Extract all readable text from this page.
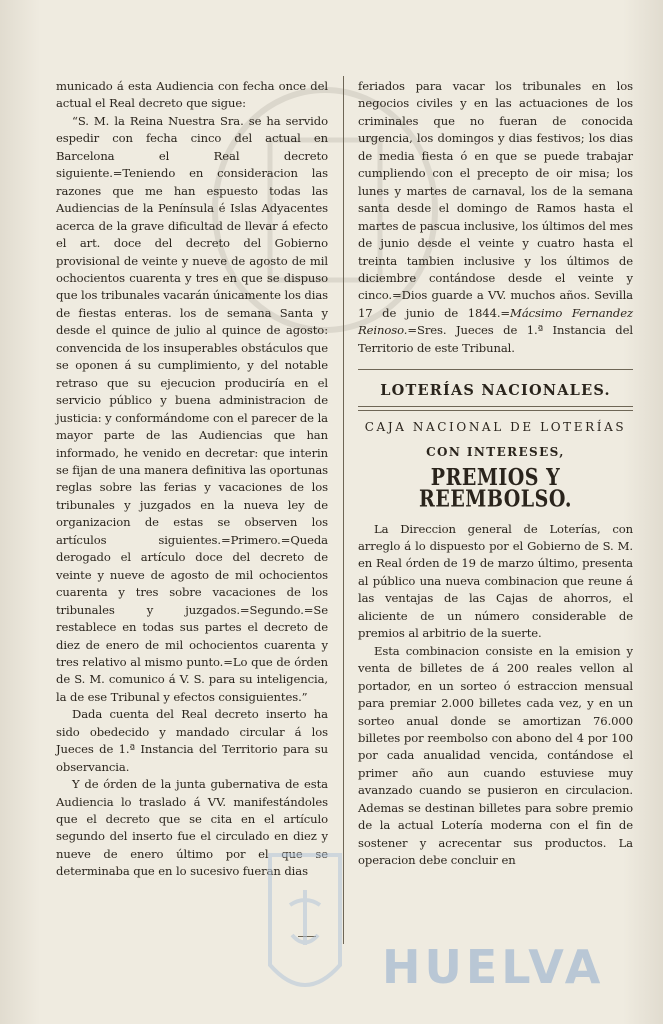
municado á esta Audiencia con fecha once del actual el Real decreto que sigue:

“S. M. la Reina Nuestra Sra. se ha servido espedir con fecha cinco del actual en Barcelona el Real decreto siguiente.=Teniendo en consideracion las razones que me han espuesto todas las Audiencias de la Península é Islas Adyacentes acerca de la grave dificultad de llevar á efecto el art. doce del decreto del Gobierno provisional de veinte y nueve de agosto de mil ochocientos cuarenta y tres en que se dispuso que los tribunales vacarán únicamente los dias de fiestas enteras. los de semana Santa y desde el quince de julio al quince de agosto: convencida de los insuperables obstáculos que se oponen á su cumplimiento, y del notable retraso que su ejecucion produciría en el servicio público y buena administracion de justicia: y conformándome con el parecer de la mayor parte de las Audiencias que han informado, he venido en decretar: que interin se fijan de una manera definitiva las oportunas reglas sobre las ferias y vacaciones de los tribunales y juzgados en la nueva ley de organizacion de estas se observen los artículos siguientes.=Primero.=Queda derogado el artículo doce del decreto de veinte y nueve de agosto de mil ochocientos cuarenta y tres sobre vacaciones de los tribunales y juzgados.=Segundo.=Se restablece en todas sus partes el decreto de diez de enero de mil ochocientos cuarenta y tres relativo al mismo punto.=Lo que de órden de S. M. comunico á V. S. para su inteligencia, la de ese Tribunal y efectos consiguientes.”

Dada cuenta del Real decreto inserto ha sido obedecido y mandado circular á los Jueces de 1.ª Instancia del Territorio para su observancia.

Y de órden de la junta gubernativa de esta Audiencia lo traslado á VV. manifestándoles que el decreto que se cita en el artículo segundo del inserto fue el circulado en diez y nueve de enero último por el que se determinaba que en lo sucesivo fueran dias

feriados para vacar los tribunales en los negocios civiles y en las actuaciones de los criminales que no fueran de conocida urgencia, los domingos y dias festivos; los dias de media fiesta ó en que se puede trabajar cumpliendo con el precepto de oir misa; los lunes y martes de carnaval, los de la semana santa desde el domingo de Ramos hasta el martes de pascua inclusive, los últimos del mes de junio desde el veinte y cuatro hasta el treinta tambien inclusive y los últimos de diciembre contándose desde el veinte y cinco.=Dios guarde a VV. muchos años. Sevilla 17 de junio de 1844.=Mácsimo Fernandez Reinoso.=Sres. Jueces de 1.ª Instancia del Territorio de este Tribunal.

LOTERÍAS NACIONALES.
CAJA NACIONAL DE LOTERÍAS
CON INTERESES,
PREMIOS Y REEMBOLSO.

La Direccion general de Loterías, con arreglo á lo dispuesto por el Gobierno de S. M. en Real órden de 19 de marzo último, presenta al público una nueva combinacion que reune á las ventajas de las Cajas de ahorros, el aliciente de un número considerable de premios al arbitrio de la suerte.

Esta combinacion consiste en la emision y venta de billetes de á 200 reales vellon al portador, en un sorteo ó estraccion mensual para premiar 2.000 billetes cada vez, y en un sorteo anual donde se amortizan 76.000 billetes por reembolso con abono del 4 por 100 por cada anualidad vencida, contándose el primer año aun cuando estuviese muy avanzado cuando se pusieron en circulacion. Ademas se destinan billetes para sobre premio de la actual Lotería moderna con el fin de sostener y acrecentar sus productos. La operacion debe concluir en

HUELVA
